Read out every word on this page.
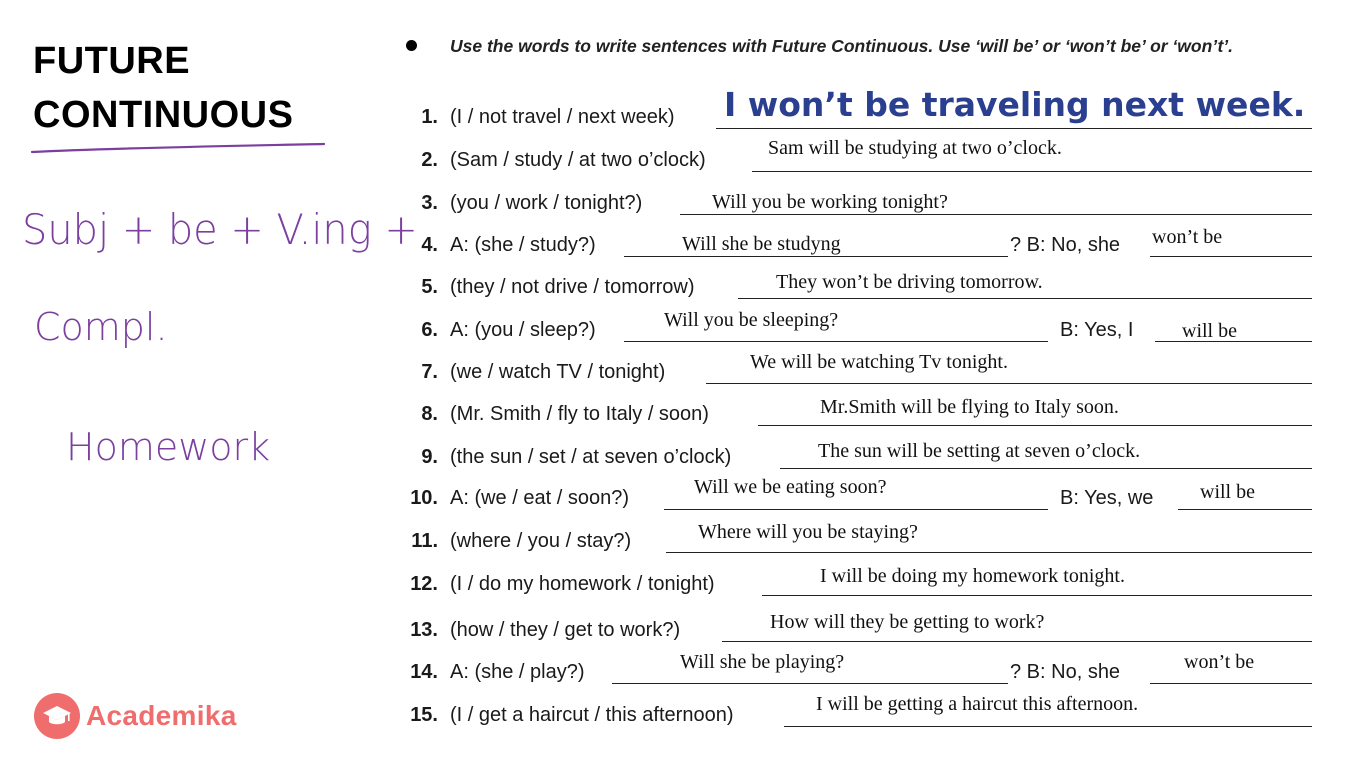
FUTURE
CONTINUOUS
Subj + be + V.ing +
Compl.
Homework
Use the words to write sentences with Future Continuous. Use ‘will be’ or ‘won’t be’ or ‘won’t’.
1. (I / not travel / next week) I won’t be traveling next week.
2. (Sam / study / at two o’clock)
Sam will be studying at two o’clock.
3. (you / work / tonight?)	Will you be working tonight?
4. A: (she / study?)	Will she be studyng	? B: No, she won’t be
5. (they / not drive / tomorrow)	They won’t be driving tomorrow.
6. A: (you / sleep?)	Will you be sleeping?	B: Yes, I will be
7. (we / watch TV / tonight)	We will be watching Tv tonight.
8. (Mr. Smith / fly to Italy / soon)	Mr.Smith will be flying to Italy soon.
9. (the sun / set / at seven o’clock)	The sun will be setting at seven o’clock.
10. A: (we / eat / soon?)	Will we be eating soon?	B: Yes, we will be
11. (where / you / stay?)	Where will you be staying?
12. (I / do my homework / tonight)	I will be doing my homework tonight.
13. (how / they / get to work?)	How will they be getting to work?
14. A: (she / play?)	Will she be playing?	? B: No, she	won’t be
15. (I / get a haircut / this afternoon)	I will be getting a haircut this afternoon.
Academika
